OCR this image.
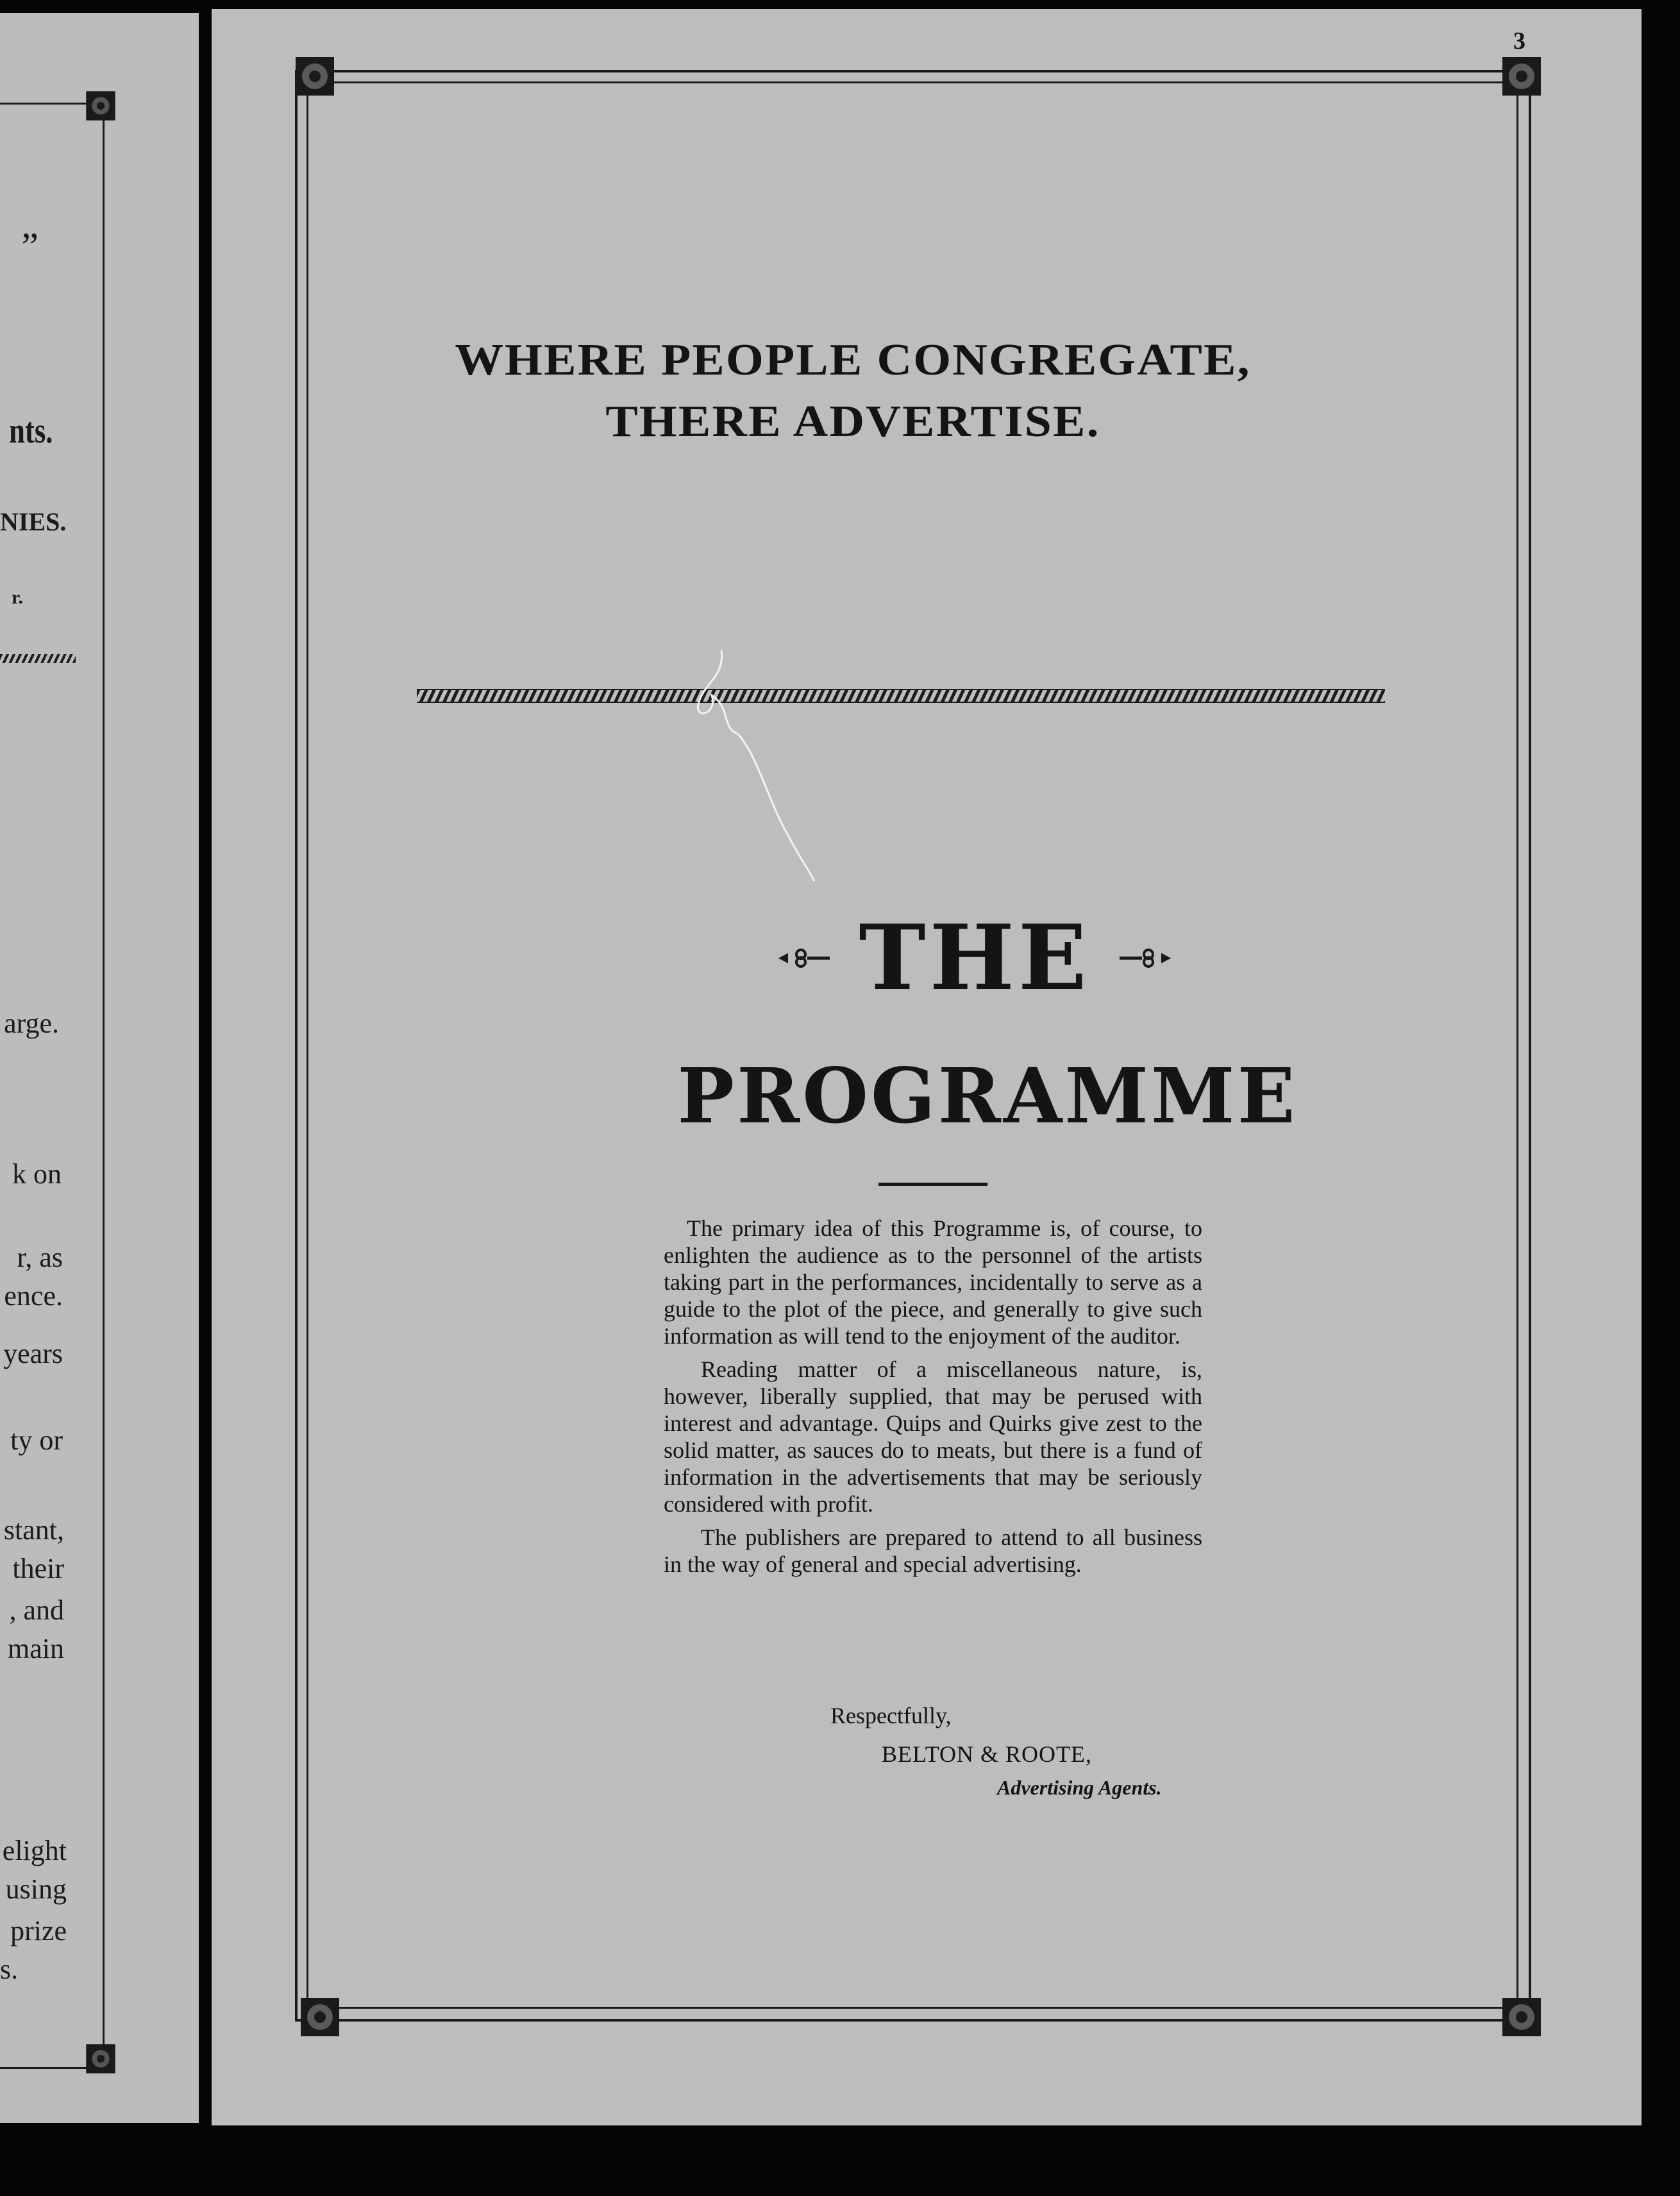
”
nts.
NIES.
r.
arge.
k on
r, as
ence.
years
ty or
stant,
their
, and
main
elight
using
prize
s.
3
WHERE PEOPLE CONGREGATE,
THERE ADVERTISE.
THE
PROGRAMME

The primary idea of this Programme is, of course, to enlighten the audience as to the personnel of the artists taking part in the performances, incidentally to serve as a guide to the plot of the piece, and generally to give such information as will tend to the enjoyment of the auditor.

Reading matter of a miscellaneous nature, is, however, liberally supplied, that may be perused with interest and advantage. Quips and Quirks give zest to the solid matter, as sauces do to meats, but there is a fund of information in the advertisements that may be seriously considered with profit.

The publishers are prepared to attend to all business in the way of general and special advertising.

Respectfully,
BELTON & ROOTE,
Advertising Agents.
